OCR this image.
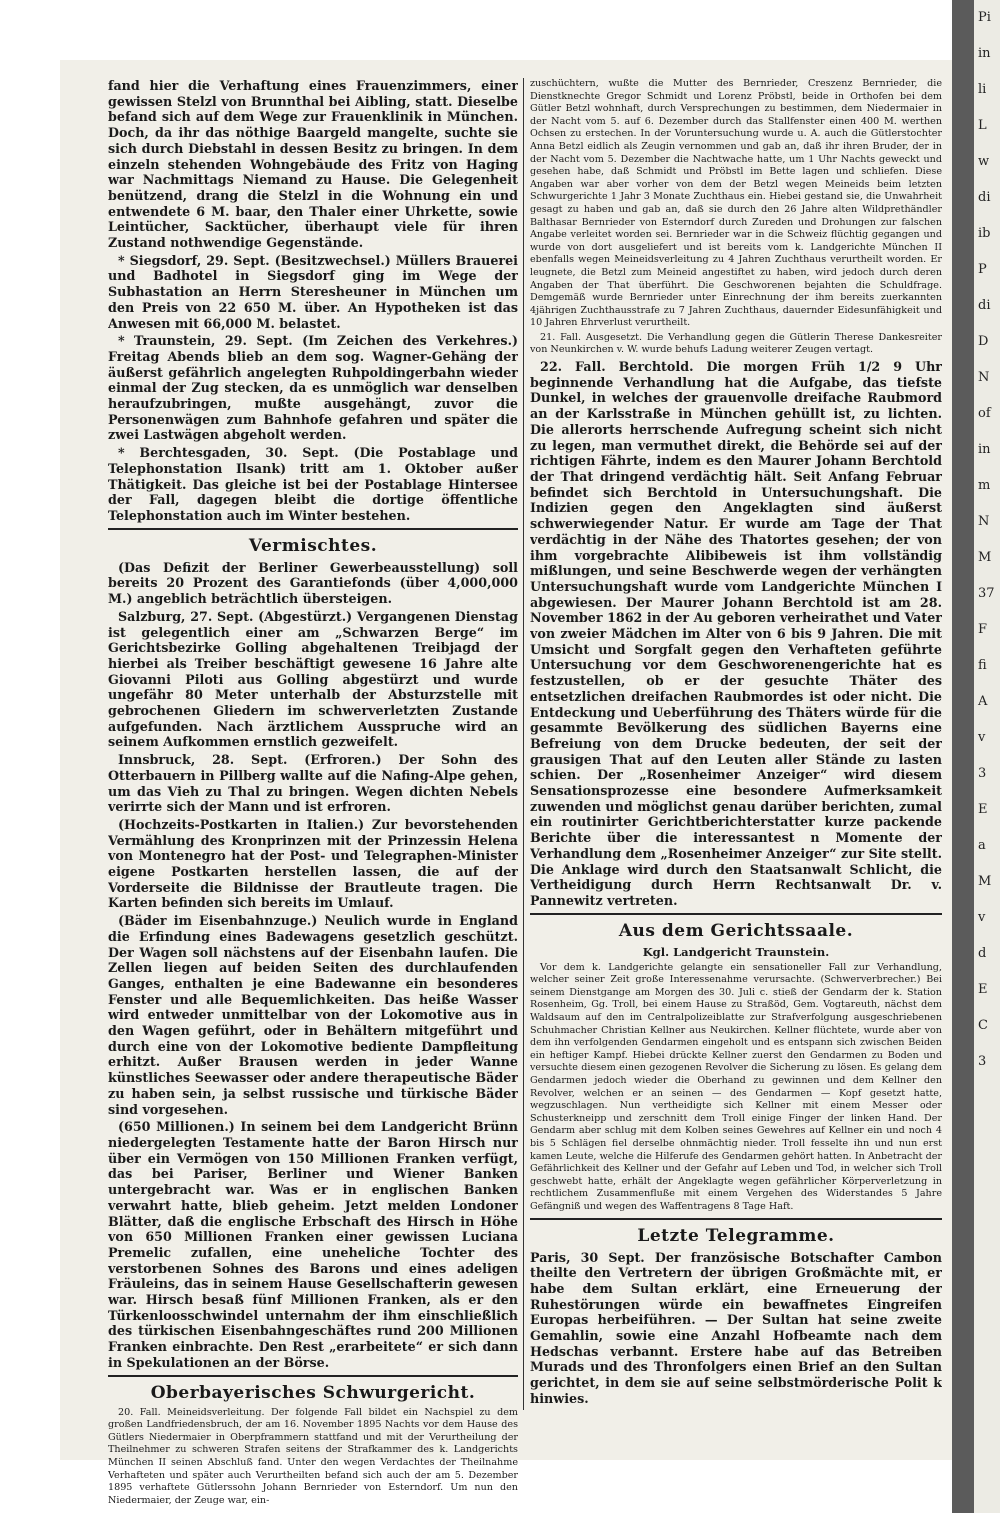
Pi
in
li
L
w
di
ib
P
di
D
N
of
in
m
N
M
37
F
fi
A
v
3
E
a
M
v
d
E
C
3

fand hier die Verhaftung eines Frauenzimmers, einer gewissen Stelzl von Brunnthal bei Aibling, statt. Dieselbe befand sich auf dem Wege zur Frauenklinik in München. Doch, da ihr das nöthige Baargeld mangelte, suchte sie sich durch Diebstahl in dessen Besitz zu bringen. In dem einzeln stehenden Wohngebäude des Fritz von Haging war Nachmittags Niemand zu Hause. Die Gelegenheit benützend, drang die Stelzl in die Wohnung ein und entwendete 6 M. baar, den Thaler einer Uhrkette, sowie Leintücher, Sacktücher, überhaupt viele für ihren Zustand nothwendige Gegenstände.

* Siegsdorf, 29. Sept. (Besitzwechsel.) Müllers Brauerei und Badhotel in Siegsdorf ging im Wege der Subhastation an Herrn Steresheuner in München um den Preis von 22 650 M. über. An Hypotheken ist das Anwesen mit 66,000 M. belastet.

* Traunstein, 29. Sept. (Im Zeichen des Verkehres.) Freitag Abends blieb an dem sog. Wagner-Gehäng der äußerst gefährlich angelegten Ruhpoldingerbahn wieder einmal der Zug stecken, da es unmöglich war denselben heraufzubringen, mußte ausgehängt, zuvor die Personenwägen zum Bahnhofe gefahren und später die zwei Lastwägen abgeholt werden.

* Berchtesgaden, 30. Sept. (Die Postablage und Telephonstation Ilsank) tritt am 1. Oktober außer Thätigkeit. Das gleiche ist bei der Postablage Hintersee der Fall, dagegen bleibt die dortige öffentliche Telephonstation auch im Winter bestehen.

Vermischtes.

(Das Defizit der Berliner Gewerbeausstellung) soll bereits 20 Prozent des Garantiefonds (über 4,000,000 M.) angeblich beträchtlich übersteigen.

Salzburg, 27. Sept. (Abgestürzt.) Vergangenen Dienstag ist gelegentlich einer am „Schwarzen Berge“ im Gerichtsbezirke Golling abgehaltenen Treibjagd der hierbei als Treiber beschäftigt gewesene 16 Jahre alte Giovanni Piloti aus Golling abgestürzt und wurde ungefähr 80 Meter unterhalb der Absturzstelle mit gebrochenen Gliedern im schwerverletzten Zustande aufgefunden. Nach ärztlichem Ausspruche wird an seinem Aufkommen ernstlich gezweifelt.

Innsbruck, 28. Sept. (Erfroren.) Der Sohn des Otterbauern in Pillberg wallte auf die Nafing-Alpe gehen, um das Vieh zu Thal zu bringen. Wegen dichten Nebels verirrte sich der Mann und ist erfroren.

(Hochzeits-Postkarten in Italien.) Zur bevorstehenden Vermählung des Kronprinzen mit der Prinzessin Helena von Montenegro hat der Post- und Telegraphen-Minister eigene Postkarten herstellen lassen, die auf der Vorderseite die Bildnisse der Brautleute tragen. Die Karten befinden sich bereits im Umlauf.

(Bäder im Eisenbahnzuge.) Neulich wurde in England die Erfindung eines Badewagens gesetzlich geschützt. Der Wagen soll nächstens auf der Eisenbahn laufen. Die Zellen liegen auf beiden Seiten des durchlaufenden Ganges, enthalten je eine Badewanne ein besonderes Fenster und alle Bequemlichkeiten. Das heiße Wasser wird entweder unmittelbar von der Lokomotive aus in den Wagen geführt, oder in Behältern mitgeführt und durch eine von der Lokomotive bediente Dampfleitung erhitzt. Außer Brausen werden in jeder Wanne künstliches Seewasser oder andere therapeutische Bäder zu haben sein, ja selbst russische und türkische Bäder sind vorgesehen.

(650 Millionen.) In seinem bei dem Landgericht Brünn niedergelegten Testamente hatte der Baron Hirsch nur über ein Vermögen von 150 Millionen Franken verfügt, das bei Pariser, Berliner und Wiener Banken untergebracht war. Was er in englischen Banken verwahrt hatte, blieb geheim. Jetzt melden Londoner Blätter, daß die englische Erbschaft des Hirsch in Höhe von 650 Millionen Franken einer gewissen Luciana Premelic zufallen, eine uneheliche Tochter des verstorbenen Sohnes des Barons und eines adeligen Fräuleins, das in seinem Hause Gesellschafterin gewesen war. Hirsch besaß fünf Millionen Franken, als er den Türkenloosschwindel unternahm der ihm einschließlich des türkischen Eisenbahngeschäftes rund 200 Millionen Franken einbrachte. Den Rest „erarbeitete“ er sich dann in Spekulationen an der Börse.

Oberbayerisches Schwurgericht.

20. Fall. Meineidsverleitung. Der folgende Fall bildet ein Nachspiel zu dem großen Landfriedensbruch, der am 16. November 1895 Nachts vor dem Hause des Gütlers Niedermaier in Oberpframmern stattfand und mit der Verurtheilung der Theilnehmer zu schweren Strafen seitens der Strafkammer des k. Landgerichts München II seinen Abschluß fand. Unter den wegen Verdachtes der Theilnahme Verhafteten und später auch Verurtheilten befand sich auch der am 5. Dezember 1895 verhaftete Gütlerssohn Johann Bernrieder von Esterndorf. Um nun den Niedermaier, der Zeuge war, ein-

zuschüchtern, wußte die Mutter des Bernrieder, Creszenz Bernrieder, die Dienstknechte Gregor Schmidt und Lorenz Pröbstl, beide in Orthofen bei dem Gütler Betzl wohnhaft, durch Versprechungen zu bestimmen, dem Niedermaier in der Nacht vom 5. auf 6. Dezember durch das Stallfenster einen 400 M. werthen Ochsen zu erstechen. In der Voruntersuchung wurde u. A. auch die Gütlerstochter Anna Betzl eidlich als Zeugin vernommen und gab an, daß ihr ihren Bruder, der in der Nacht vom 5. Dezember die Nachtwache hatte, um 1 Uhr Nachts geweckt und gesehen habe, daß Schmidt und Pröbstl im Bette lagen und schliefen. Diese Angaben war aber vorher von dem der Betzl wegen Meineids beim letzten Schwurgerichte 1 Jahr 3 Monate Zuchthaus ein. Hiebei gestand sie, die Unwahrheit gesagt zu haben und gab an, daß sie durch den 26 Jahre alten Wildprethändler Balthasar Bernrieder von Esterndorf durch Zureden und Drohungen zur falschen Angabe verleitet worden sei. Bernrieder war in die Schweiz flüchtig gegangen und wurde von dort ausgeliefert und ist bereits vom k. Landgerichte München II ebenfalls wegen Meineidsverleitung zu 4 Jahren Zuchthaus verurtheilt worden. Er leugnete, die Betzl zum Meineid angestiftet zu haben, wird jedoch durch deren Angaben der That überführt. Die Geschworenen bejahten die Schuldfrage. Demgemäß wurde Bernrieder unter Einrechnung der ihm bereits zuerkannten 4jährigen Zuchthausstrafe zu 7 Jahren Zuchthaus, dauernder Eidesunfähigkeit und 10 Jahren Ehrverlust verurtheilt.

21. Fall. Ausgesetzt. Die Verhandlung gegen die Gütlerin Therese Dankesreiter von Neunkirchen v. W. wurde behufs Ladung weiterer Zeugen vertagt.

22. Fall. Berchtold. Die morgen Früh 1/2 9 Uhr beginnende Verhandlung hat die Aufgabe, das tiefste Dunkel, in welches der grauenvolle dreifache Raubmord an der Karlsstraße in München gehüllt ist, zu lichten. Die allerorts herrschende Aufregung scheint sich nicht zu legen, man vermuthet direkt, die Behörde sei auf der richtigen Fährte, indem es den Maurer Johann Berchtold der That dringend verdächtig hält. Seit Anfang Februar befindet sich Berchtold in Untersuchungshaft. Die Indizien gegen den Angeklagten sind äußerst schwerwiegender Natur. Er wurde am Tage der That verdächtig in der Nähe des Thatortes gesehen; der von ihm vorgebrachte Alibibeweis ist ihm vollständig mißlungen, und seine Beschwerde wegen der verhängten Untersuchungshaft wurde vom Landgerichte München I abgewiesen. Der Maurer Johann Berchtold ist am 28. November 1862 in der Au geboren verheirathet und Vater von zweier Mädchen im Alter von 6 bis 9 Jahren. Die mit Umsicht und Sorgfalt gegen den Verhafteten geführte Untersuchung vor dem Geschworenengerichte hat es festzustellen, ob er der gesuchte Thäter des entsetzlichen dreifachen Raubmordes ist oder nicht. Die Entdeckung und Ueberführung des Thäters würde für die gesammte Bevölkerung des südlichen Bayerns eine Befreiung von dem Drucke bedeuten, der seit der grausigen That auf den Leuten aller Stände zu lasten schien. Der „Rosenheimer Anzeiger“ wird diesem Sensationsprozesse eine besondere Aufmerksamkeit zuwenden und möglichst genau darüber berichten, zumal ein routinirter Gerichtberichterstatter kurze packende Berichte über die interessantest n Momente der Verhandlung dem „Rosenheimer Anzeiger“ zur Site stellt. Die Anklage wird durch den Staatsanwalt Schlicht, die Vertheidigung durch Herrn Rechtsanwalt Dr. v. Pannewitz vertreten.

Aus dem Gerichtssaale.
Kgl. Landgericht Traunstein.

Vor dem k. Landgerichte gelangte ein sensationeller Fall zur Verhandlung, welcher seiner Zeit große Interessenahme verursachte. (Schwerverbrecher.) Bei seinem Dienstgange am Morgen des 30. Juli c. stieß der Gendarm der k. Station Rosenheim, Gg. Troll, bei einem Hause zu Straßöd, Gem. Vogtareuth, nächst dem Waldsaum auf den im Centralpolizeiblatte zur Strafverfolgung ausgeschriebenen Schuhmacher Christian Kellner aus Neukirchen. Kellner flüchtete, wurde aber von dem ihn verfolgenden Gendarmen eingeholt und es entspann sich zwischen Beiden ein heftiger Kampf. Hiebei drückte Kellner zuerst den Gendarmen zu Boden und versuchte diesem einen gezogenen Revolver die Sicherung zu lösen. Es gelang dem Gendarmen jedoch wieder die Oberhand zu gewinnen und dem Kellner den Revolver, welchen er an seinen — des Gendarmen — Kopf gesetzt hatte, wegzuschlagen. Nun vertheidigte sich Kellner mit einem Messer oder Schusterkneipp und zerschnitt dem Troll einige Finger der linken Hand. Der Gendarm aber schlug mit dem Kolben seines Gewehres auf Kellner ein und noch 4 bis 5 Schlägen fiel derselbe ohnmächtig nieder. Troll fesselte ihn und nun erst kamen Leute, welche die Hilferufe des Gendarmen gehört hatten. In Anbetracht der Gefährlichkeit des Kellner und der Gefahr auf Leben und Tod, in welcher sich Troll geschwebt hatte, erhält der Angeklagte wegen gefährlicher Körperverletzung in rechtlichem Zusammenfluße mit einem Vergehen des Widerstandes 5 Jahre Gefängniß und wegen des Waffentragens 8 Tage Haft.

Letzte Telegramme.

Paris, 30 Sept. Der französische Botschafter Cambon theilte den Vertretern der übrigen Großmächte mit, er habe dem Sultan erklärt, eine Erneuerung der Ruhestörungen würde ein bewaffnetes Eingreifen Europas herbeiführen. — Der Sultan hat seine zweite Gemahlin, sowie eine Anzahl Hofbeamte nach dem Hedschas verbannt. Erstere habe auf das Betreiben Murads und des Thronfolgers einen Brief an den Sultan gerichtet, in dem sie auf seine selbstmörderische Polit k hinwies.
